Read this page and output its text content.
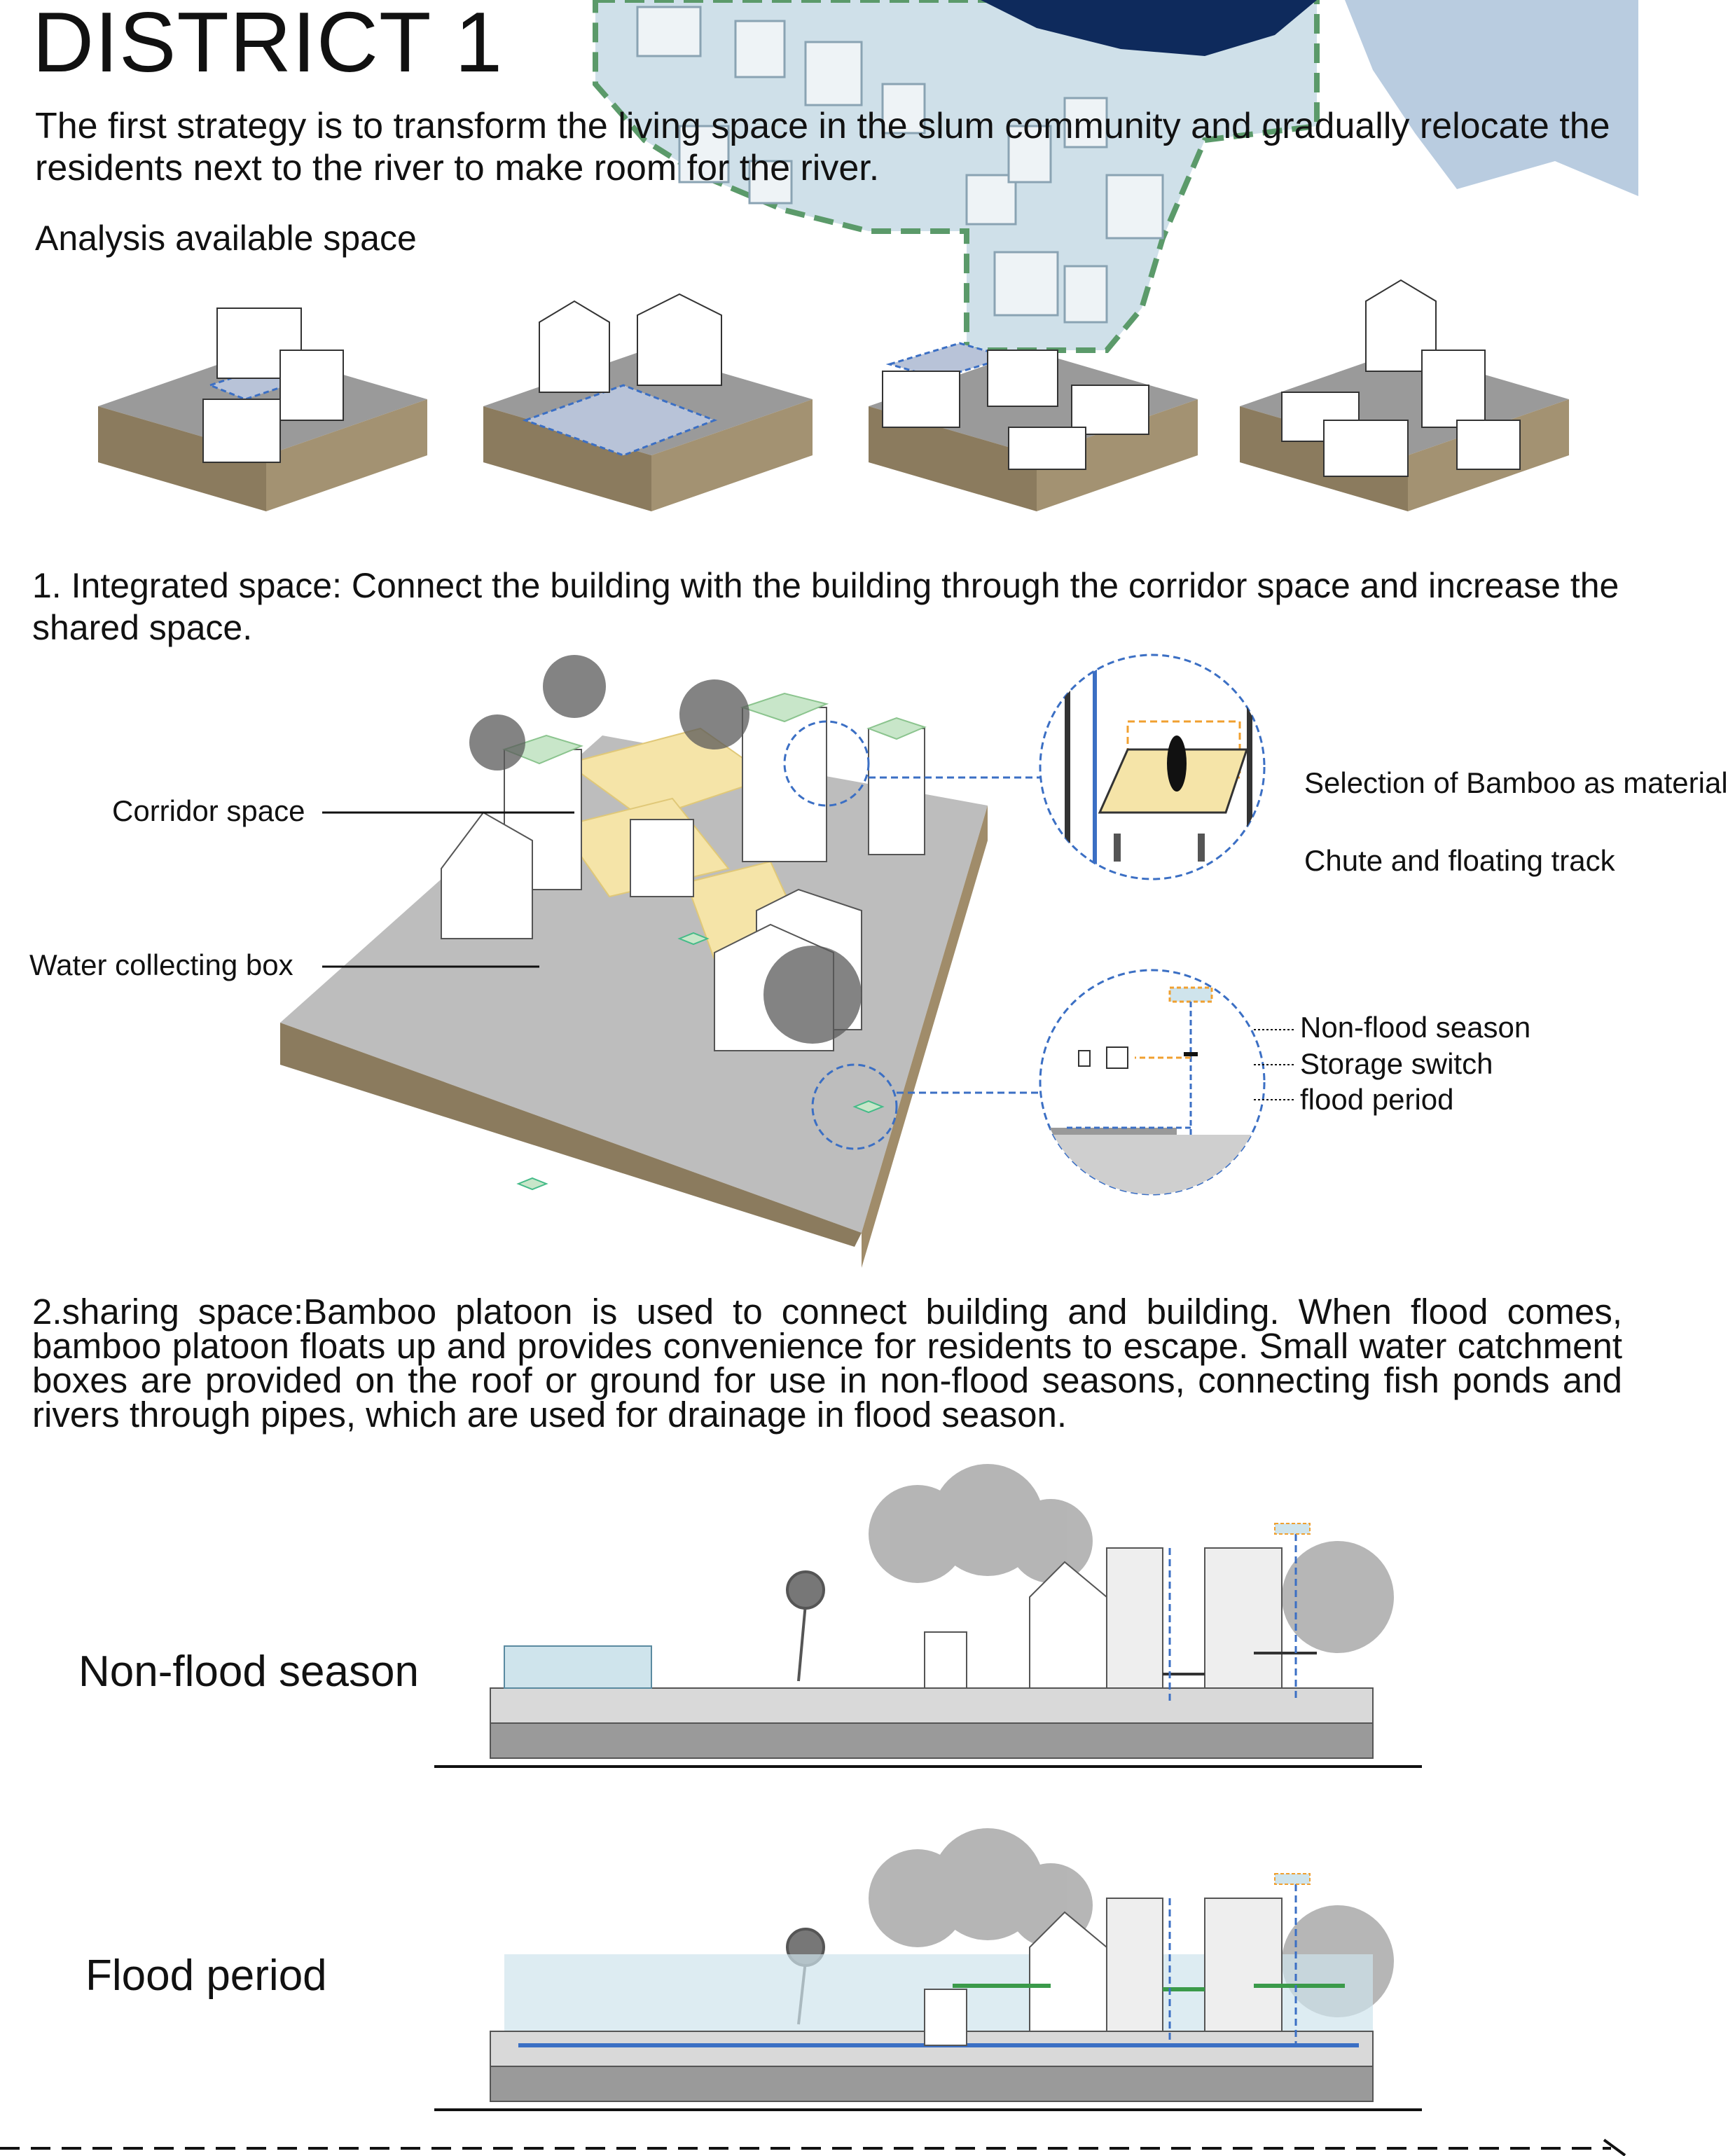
DISTRICT 1
The first strategy is to transform the living space in the slum community and gradually relocate the residents next to the river to make room for the river.
Analysis available space
1. Integrated space: Connect the building with the building through the corridor space and increase the shared space.
Corridor space
Water collecting box
Selection of Bamboo as material
Chute and floating track
Non-flood season
Storage switch
flood period
2.sharing space:Bamboo platoon is used to connect building and building. When flood comes, bamboo platoon floats up and provides convenience for residents to escape. Small water catchment boxes are provided on the roof or ground for use in non-flood seasons, connecting fish ponds and rivers through pipes, which are used for drainage in flood season.
Non-flood season
Flood period
